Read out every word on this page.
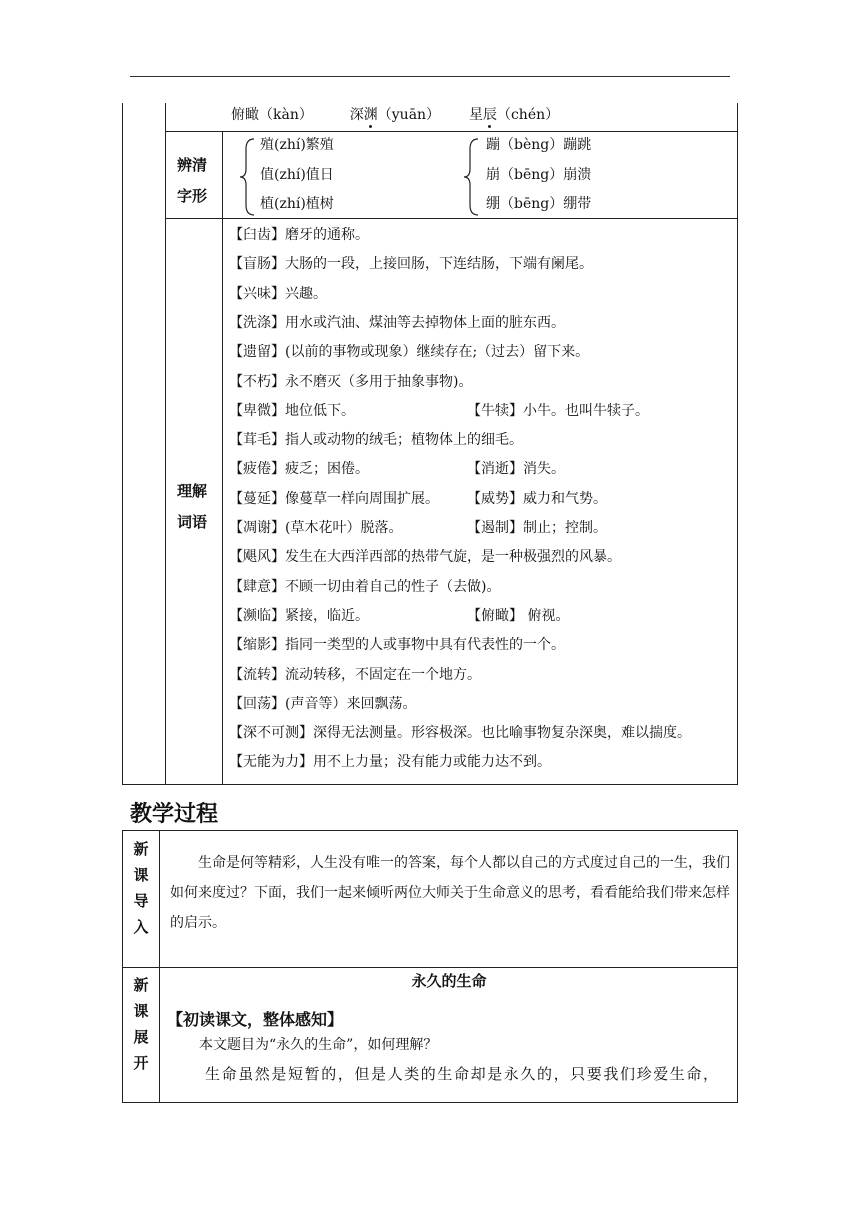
俯瞰（kàn）	深渊（yuān） 星辰（chén）
辨清
字形
殖(zhí)繁殖
值(zhí)值日
植(zhí)植树
蹦（bèng）蹦跳
崩（bēng）崩溃
绷（bēng）绷带
理解
词语
【臼齿】磨牙的通称。
【盲肠】大肠的一段，上接回肠，下连结肠，下端有阑尾。
【兴味】兴趣。
【洗涤】用水或汽油、煤油等去掉物体上面的脏东西。
【遗留】(以前的事物或现象）继续存在;（过去）留下来。
【不朽】永不磨灭（多用于抽象事物)。
【卑微】地位低下。	【牛犊】小牛。也叫牛犊子。
【茸毛】指人或动物的绒毛；植物体上的细毛。
【疲倦】疲乏；困倦。	【消逝】消失。
【蔓延】像蔓草一样向周围扩展。 【威势】威力和气势。
【凋谢】(草木花叶）脱落。	【遏制】制止；控制。
【飓风】发生在大西洋西部的热带气旋，是一种极强烈的风暴。
【肆意】不顾一切由着自己的性子（去做)。
【濒临】紧接，临近。	【俯瞰】 俯视。
【缩影】指同一类型的人或事物中具有代表性的一个。
【流转】流动转移，不固定在一个地方。
【回荡】(声音等）来回飘荡。
【深不可测】深得无法测量。形容极深。也比喻事物复杂深奥，难以揣度。
【无能为力】用不上力量；没有能力或能力达不到。
教学过程
新
课
导
入
生命是何等精彩，人生没有唯一的答案，每个人都以自己的方式度过自己的一生，我们如何来度过？下面，我们一起来倾听两位大师关于生命意义的思考，看看能给我们带来怎样的启示。
新
课
展
开
永久的生命
【初读课文，整体感知】
本文题目为“永久的生命”，如何理解？
生命虽然是短暂的，但是人类的生命却是永久的，只要我们珍爱生命，
